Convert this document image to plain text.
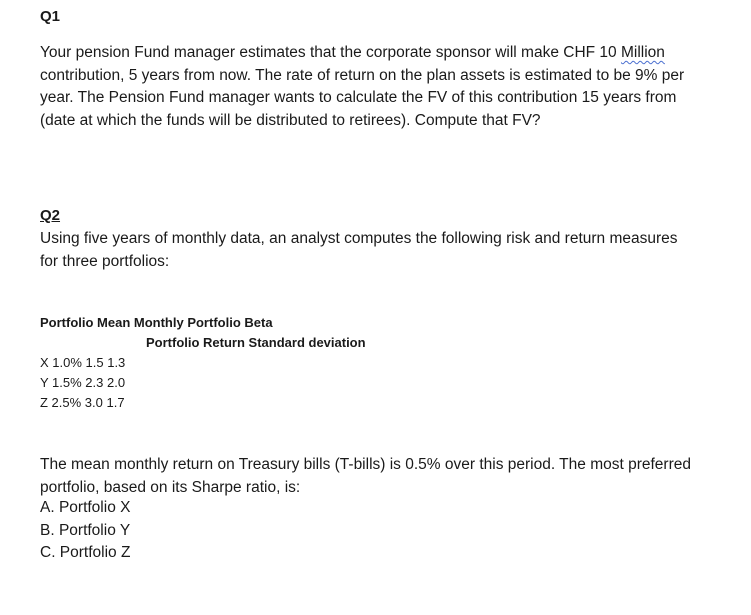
Q1
Your pension Fund manager estimates that the corporate sponsor will make CHF 10 Million
contribution, 5 years from now. The rate of return on the plan assets is estimated to be 9% per
year. The Pension Fund manager wants to calculate the FV of this contribution 15 years from
(date at which the funds will be distributed to retirees). Compute that FV?
Q2
Using five years of monthly data, an analyst computes the following risk and return measures
for three portfolios:
Portfolio Mean Monthly Portfolio Beta
Portfolio Return Standard deviation
X 1.0% 1.5 1.3
Y 1.5% 2.3 2.0
Z 2.5% 3.0 1.7
The mean monthly return on Treasury bills (T-bills) is 0.5% over this period. The most preferred
portfolio, based on its Sharpe ratio, is:
A. Portfolio X
B. Portfolio Y
C. Portfolio Z
